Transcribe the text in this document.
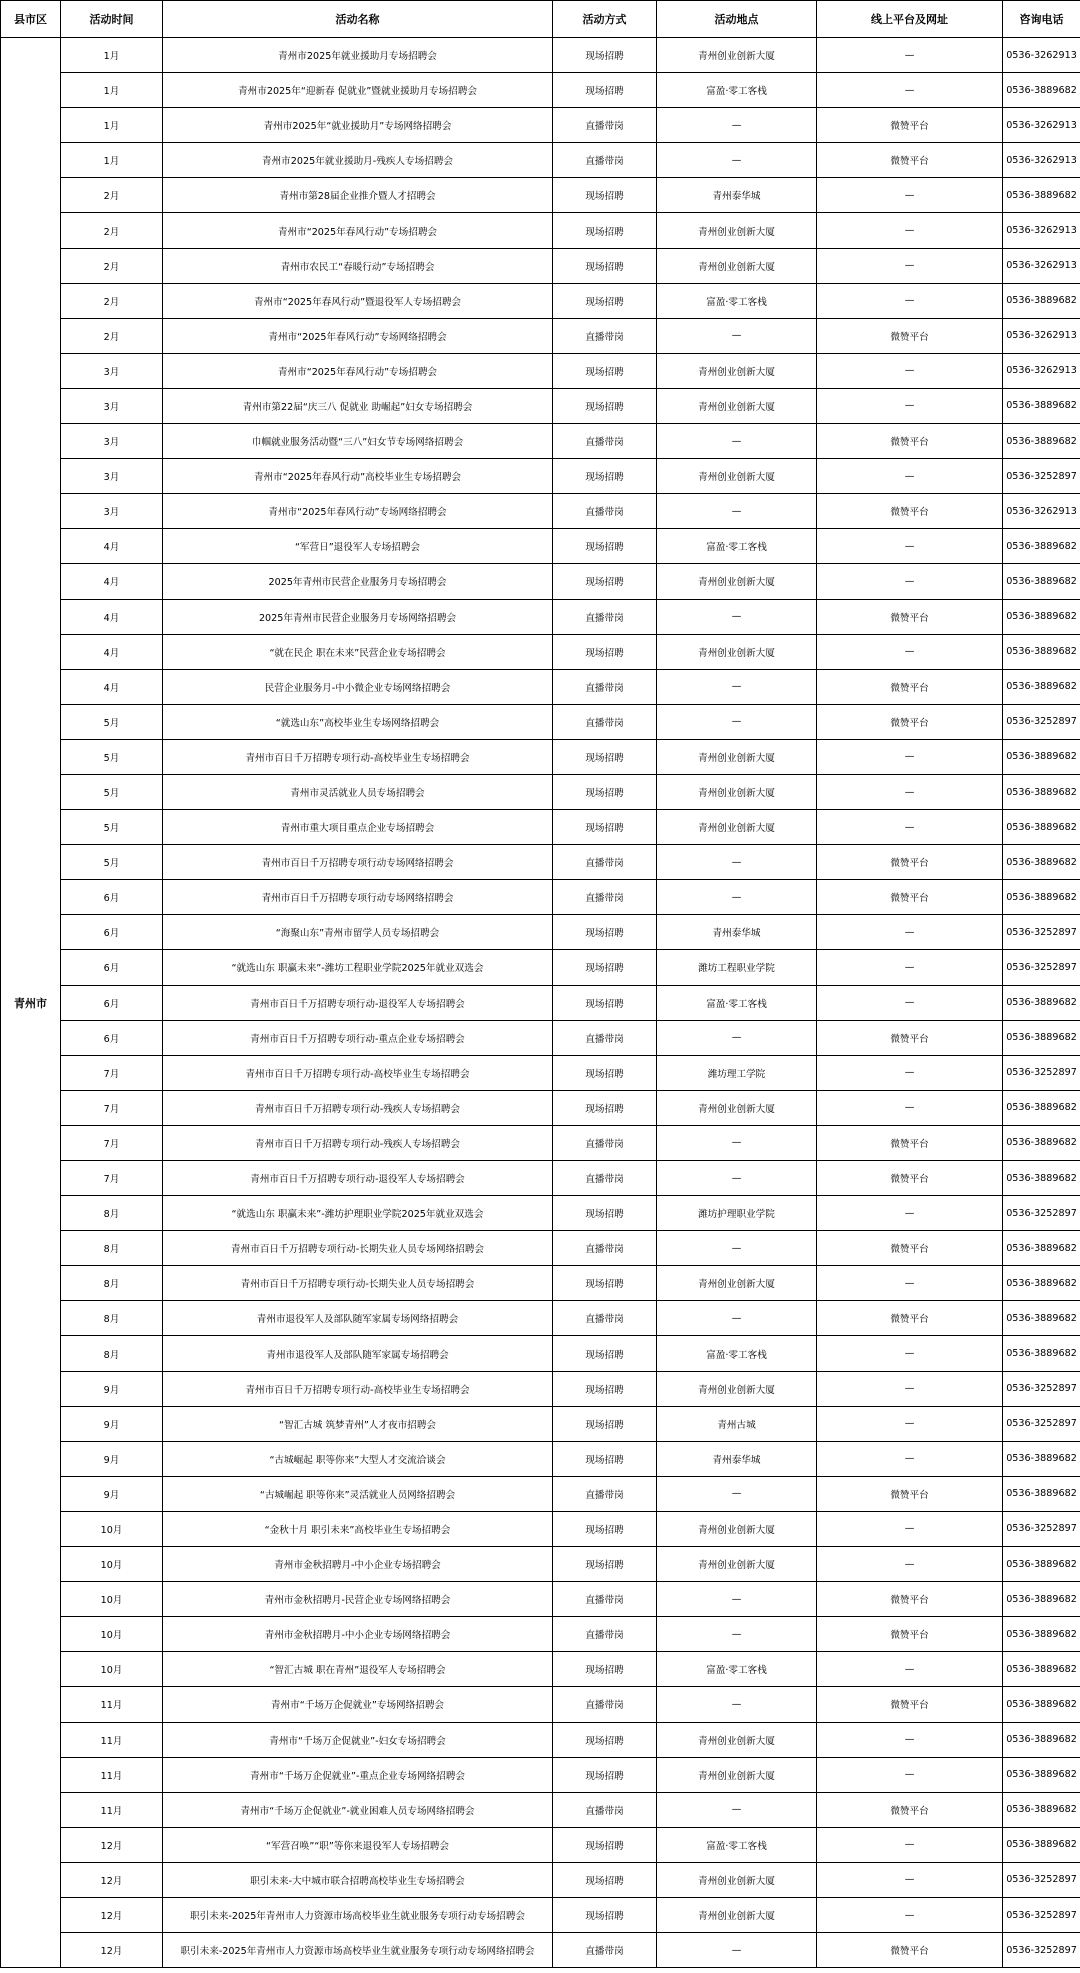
县市区	活动时间	活动名称	活动方式	活动地点	线上平台及网址	咨询电话
青州市	1月	青州市2025年就业援助月专场招聘会	现场招聘	青州创业创新大厦	—	0536-3262913
	1月	青州市2025年“迎新春 促就业”暨就业援助月专场招聘会	现场招聘	富盈·零工客栈	—	0536-3889682
	1月	青州市2025年“就业援助月”专场网络招聘会	直播带岗	—	微赞平台	0536-3262913
	1月	青州市2025年就业援助月-残疾人专场招聘会	直播带岗	—	微赞平台	0536-3262913
	2月	青州市第28届企业推介暨人才招聘会	现场招聘	青州泰华城	—	0536-3889682
	2月	青州市“2025年春风行动”专场招聘会	现场招聘	青州创业创新大厦	—	0536-3262913
	2月	青州市农民工“春暖行动”专场招聘会	现场招聘	青州创业创新大厦	—	0536-3262913
	2月	青州市“2025年春风行动”暨退役军人专场招聘会	现场招聘	富盈·零工客栈	—	0536-3889682
	2月	青州市“2025年春风行动”专场网络招聘会	直播带岗	—	微赞平台	0536-3262913
	3月	青州市“2025年春风行动”专场招聘会	现场招聘	青州创业创新大厦	—	0536-3262913
	3月	青州市第22届“庆三八 促就业 助崛起”妇女专场招聘会	现场招聘	青州创业创新大厦	—	0536-3889682
	3月	巾帼就业服务活动暨“三八”妇女节专场网络招聘会	直播带岗	—	微赞平台	0536-3889682
	3月	青州市“2025年春风行动”高校毕业生专场招聘会	现场招聘	青州创业创新大厦	—	0536-3252897
	3月	青州市“2025年春风行动”专场网络招聘会	直播带岗	—	微赞平台	0536-3262913
	4月	“军营日”退役军人专场招聘会	现场招聘	富盈·零工客栈	—	0536-3889682
	4月	2025年青州市民营企业服务月专场招聘会	现场招聘	青州创业创新大厦	—	0536-3889682
	4月	2025年青州市民营企业服务月专场网络招聘会	直播带岗	—	微赞平台	0536-3889682
	4月	“就在民企 职在未来”民营企业专场招聘会	现场招聘	青州创业创新大厦	—	0536-3889682
	4月	民营企业服务月-中小微企业专场网络招聘会	直播带岗	—	微赞平台	0536-3889682
	5月	“就选山东”高校毕业生专场网络招聘会	直播带岗	—	微赞平台	0536-3252897
	5月	青州市百日千万招聘专项行动-高校毕业生专场招聘会	现场招聘	青州创业创新大厦	—	0536-3889682
	5月	青州市灵活就业人员专场招聘会	现场招聘	青州创业创新大厦	—	0536-3889682
	5月	青州市重大项目重点企业专场招聘会	现场招聘	青州创业创新大厦	—	0536-3889682
	5月	青州市百日千万招聘专项行动专场网络招聘会	直播带岗	—	微赞平台	0536-3889682
	6月	青州市百日千万招聘专项行动专场网络招聘会	直播带岗	—	微赞平台	0536-3889682
	6月	“海聚山东”青州市留学人员专场招聘会	现场招聘	青州泰华城	—	0536-3252897
	6月	“就选山东 职赢未来”-潍坊工程职业学院2025年就业双选会	现场招聘	潍坊工程职业学院	—	0536-3252897
	6月	青州市百日千万招聘专项行动-退役军人专场招聘会	现场招聘	富盈·零工客栈	—	0536-3889682
	6月	青州市百日千万招聘专项行动-重点企业专场招聘会	直播带岗	—	微赞平台	0536-3889682
	7月	青州市百日千万招聘专项行动-高校毕业生专场招聘会	现场招聘	潍坊理工学院	—	0536-3252897
	7月	青州市百日千万招聘专项行动-残疾人专场招聘会	现场招聘	青州创业创新大厦	—	0536-3889682
	7月	青州市百日千万招聘专项行动-残疾人专场招聘会	直播带岗	—	微赞平台	0536-3889682
	7月	青州市百日千万招聘专项行动-退役军人专场招聘会	直播带岗	—	微赞平台	0536-3889682
	8月	“就选山东 职赢未来”-潍坊护理职业学院2025年就业双选会	现场招聘	潍坊护理职业学院	—	0536-3252897
	8月	青州市百日千万招聘专项行动-长期失业人员专场网络招聘会	直播带岗	—	微赞平台	0536-3889682
	8月	青州市百日千万招聘专项行动-长期失业人员专场招聘会	现场招聘	青州创业创新大厦	—	0536-3889682
	8月	青州市退役军人及部队随军家属专场网络招聘会	直播带岗	—	微赞平台	0536-3889682
	8月	青州市退役军人及部队随军家属专场招聘会	现场招聘	富盈·零工客栈	—	0536-3889682
	9月	青州市百日千万招聘专项行动-高校毕业生专场招聘会	现场招聘	青州创业创新大厦	—	0536-3252897
	9月	“智汇古城 筑梦青州”人才夜市招聘会	现场招聘	青州古城	—	0536-3252897
	9月	“古城崛起 职等你来”大型人才交流洽谈会	现场招聘	青州泰华城	—	0536-3889682
	9月	“古城崛起 职等你来”灵活就业人员网络招聘会	直播带岗	—	微赞平台	0536-3889682
	10月	“金秋十月 职引未来”高校毕业生专场招聘会	现场招聘	青州创业创新大厦	—	0536-3252897
	10月	青州市金秋招聘月-中小企业专场招聘会	现场招聘	青州创业创新大厦	—	0536-3889682
	10月	青州市金秋招聘月-民营企业专场网络招聘会	直播带岗	—	微赞平台	0536-3889682
	10月	青州市金秋招聘月-中小企业专场网络招聘会	直播带岗	—	微赞平台	0536-3889682
	10月	“智汇古城 职在青州”退役军人专场招聘会	现场招聘	富盈·零工客栈	—	0536-3889682
	11月	青州市“千场万企促就业”专场网络招聘会	直播带岗	—	微赞平台	0536-3889682
	11月	青州市“千场万企促就业”-妇女专场招聘会	现场招聘	青州创业创新大厦	—	0536-3889682
	11月	青州市“千场万企促就业”-重点企业专场网络招聘会	现场招聘	青州创业创新大厦	—	0536-3889682
	11月	青州市“千场万企促就业”-就业困难人员专场网络招聘会	直播带岗	—	微赞平台	0536-3889682
	12月	“军营召唤”“职”等你来退役军人专场招聘会	现场招聘	富盈·零工客栈	—	0536-3889682
	12月	职引未来-大中城市联合招聘高校毕业生专场招聘会	现场招聘	青州创业创新大厦	—	0536-3252897
	12月	职引未来-2025年青州市人力资源市场高校毕业生就业服务专项行动专场招聘会	现场招聘	青州创业创新大厦	—	0536-3252897
	12月	职引未来-2025年青州市人力资源市场高校毕业生就业服务专项行动专场网络招聘会	直播带岗	—	微赞平台	0536-3252897
